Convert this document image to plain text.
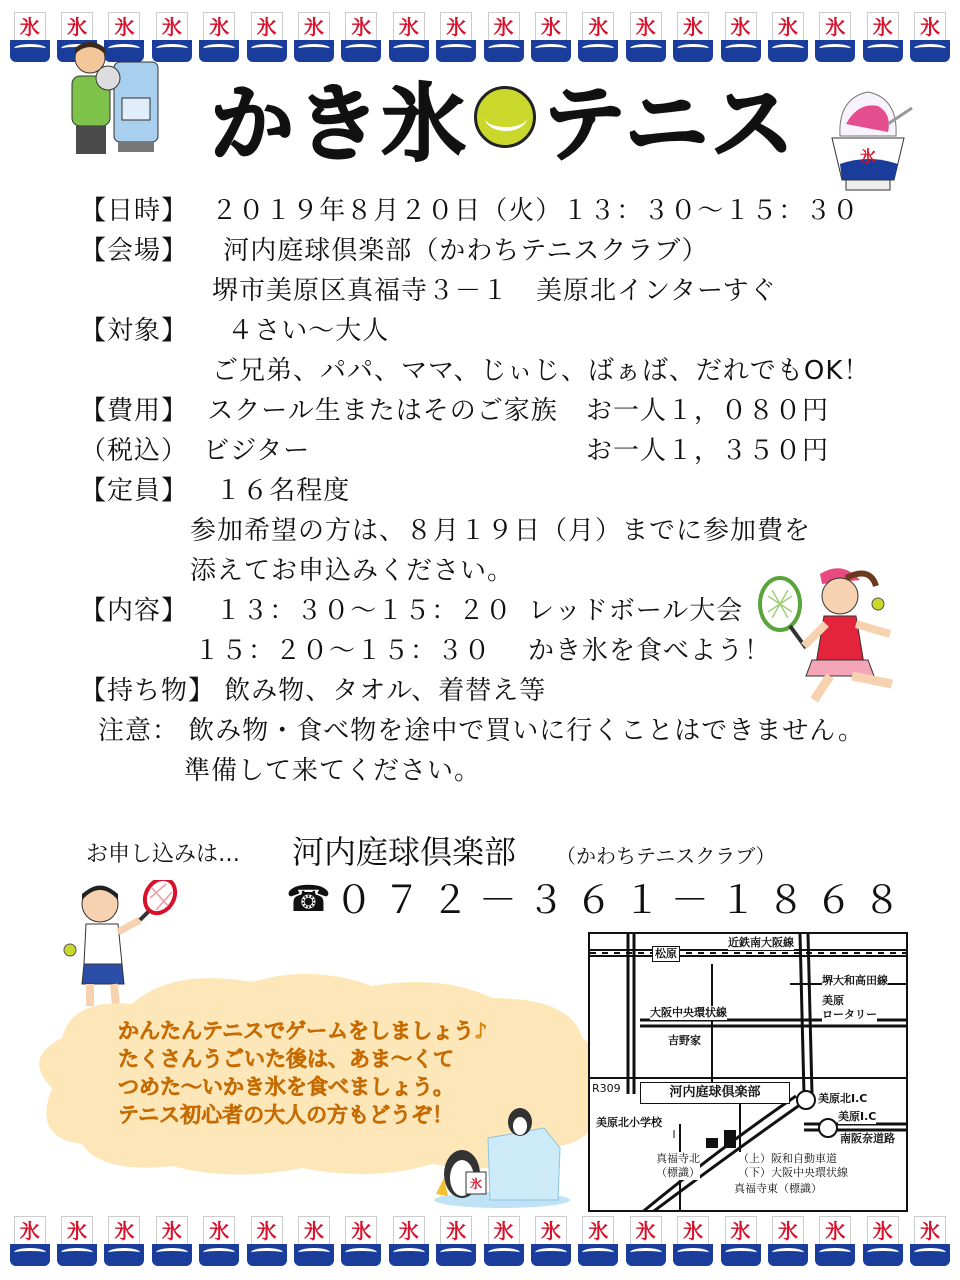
氷 氷 氷 氷 氷 氷 氷 氷 氷 氷 氷 氷 氷 氷 氷 氷 氷 氷 氷 氷
氷 氷 氷 氷 氷 氷 氷 氷 氷 氷 氷 氷 氷 氷 氷 氷 氷 氷 氷 氷
氷
かき氷 テニス
【日時】 ２０１９年８月２０日（火）１３：３０～１５：３０
【会場】 河内庭球倶楽部（かわちテニスクラブ）
堺市美原区真福寺３－１　美原北インターすぐ
【対象】 ４さい～大人
ご兄弟、パパ、ママ、じぃじ、ばぁば、だれでもOK！
【費用】 スクール生またはそのご家族 お一人１，０８０円
（税込） ビジター	お一人１，３５０円
【定員】 １６名程度
参加希望の方は、８月１９日（月）までに参加費を
添えてお申込みください。
【内容】 １３：３０～１５：２０ レッドボール大会
１５：２０～１５：３０ かき氷を食べよう！
【持ち物】 飲み物、タオル、着替え等
注意： 飲み物・食べ物を途中で買いに行くことはできません。
準備して来てください。
お申し込みは… 河内庭球倶楽部 （かわちテニスクラブ）
☎ ０７２－３６１－１８６８
かんたんテニスでゲームをしましょう♪
たくさんうごいた後は、あま～くて
つめた～いかき氷を食べましょう。
テニス初心者の大人の方もどうぞ！
氷
近鉄南大阪線
松原
堺大和高田線
美原
ロータリー
大阪中央環状線
吉野家
R309	河内庭球倶楽部	美原北I.C
美原I.C
南阪奈道路
美原北小学校
真福寺北
（標識）
（上）阪和自動車道
（下）大阪中央環状線
真福寺東（標識）
